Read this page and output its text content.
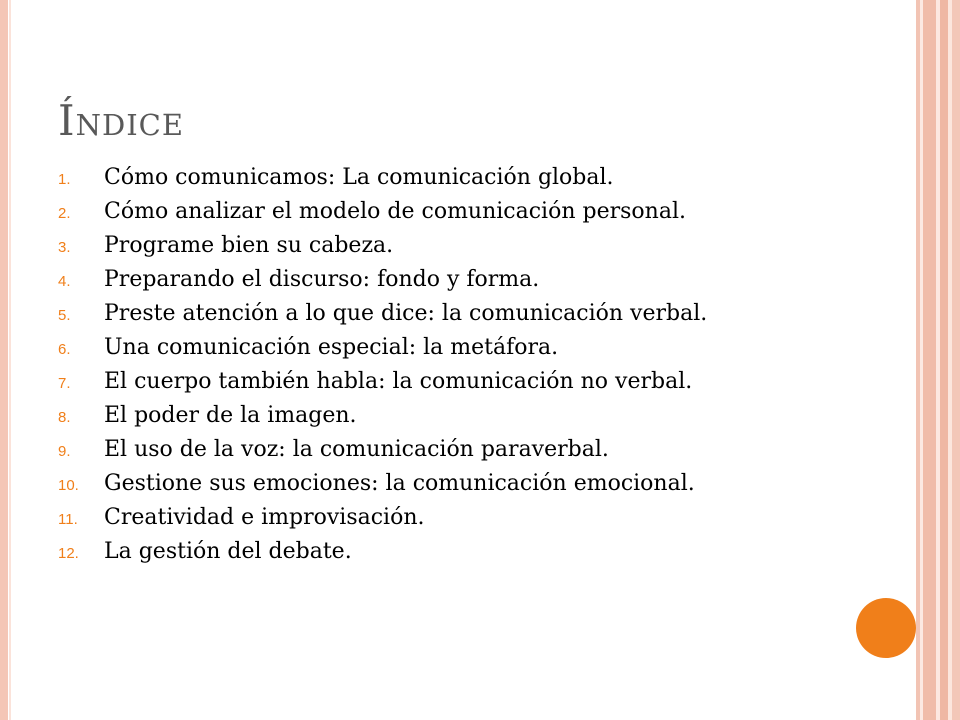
Índice
1.	Cómo comunicamos: La comunicación global.
2.	Cómo analizar el modelo de comunicación personal.
3.	Programe bien su cabeza.
4.	Preparando el discurso: fondo y forma.
5.	Preste atención a lo que dice: la comunicación verbal.
6.	Una comunicación especial: la metáfora.
7.	El cuerpo también habla: la comunicación no verbal.
8.	El poder de la imagen.
9.	El uso de la voz: la comunicación paraverbal.
10.	Gestione sus emociones: la comunicación emocional.
11.	Creatividad e improvisación.
12.	La gestión del debate.
